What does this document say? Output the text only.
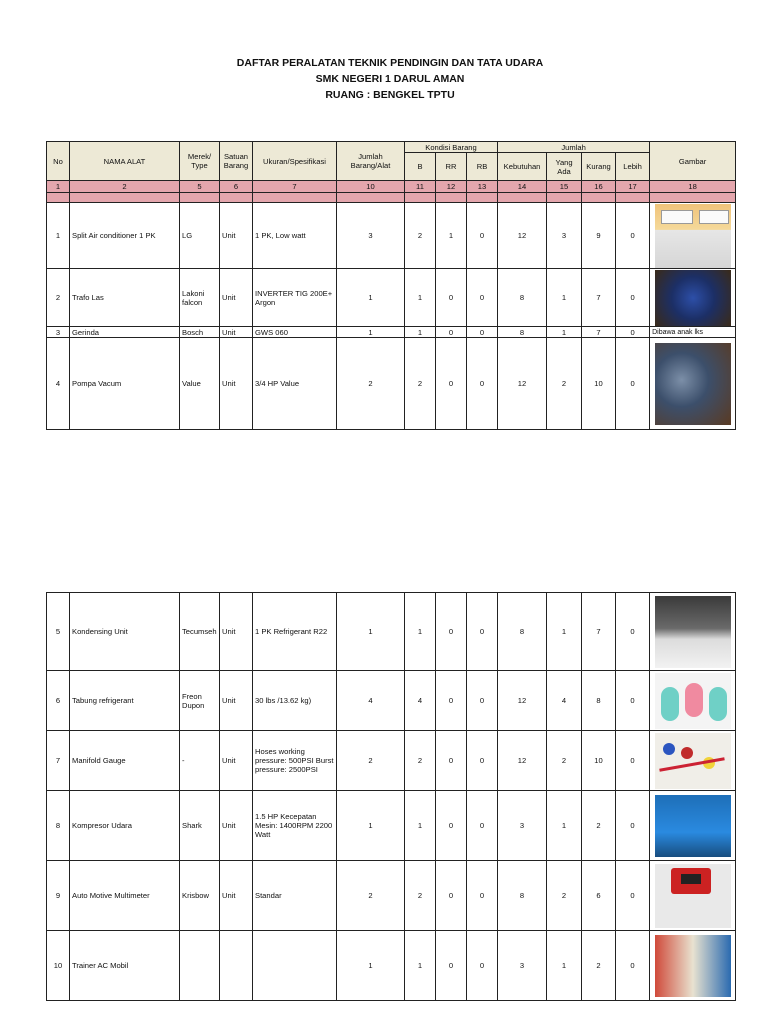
DAFTAR PERALATAN TEKNIK PENDINGIN DAN TATA UDARA
SMK NEGERI 1 DARUL AMAN
RUANG : BENGKEL TPTU
No	NAMA ALAT	Merek/ Type	Satuan Barang	Ukuran/Spesifikasi	Jumlah Barang/Alat	Kondisi Barang			Jumlah				Gambar
						B	RR	RB	Kebutuhan	Yang Ada	Kurang	Lebih	
1	2	5	6	7	10	11	12	13	14	15	16	17	18

1	Split Air conditioner 1 PK	LG	Unit	1 PK, Low watt	3	2	1	0	12	3	9	0	

2	Trafo Las	Lakoni falcon	Unit	INVERTER TIG 200E+ Argon	1	1	0	0	8	1	7	0	

3	Gerinda	Bosch	Unit	GWS 060	1	1	0	0	8	1	7	0	Dibawa anak lks
4	Pompa Vacum	Value	Unit	3/4 HP Value	2	2	0	0	12	2	10	0	
5	Kondensing Unit	Tecumseh	Unit	1 PK Refrigerant R22	1	1	0	0	8	1	7	0	

6	Tabung refrigerant	Freon Dupon	Unit	30 lbs /13.62 kg)	4	4	0	0	12	4	8	0	

7	Manifold Gauge	-	Unit	Hoses working pressure: 500PSI Burst pressure: 2500PSI	2	2	0	0	12	2	10	0	

8	Kompresor Udara	Shark	Unit	1.5 HP Kecepatan Mesin: 1400RPM 2200 Watt	1	1	0	0	3	1	2	0	

9	Auto Motive Multimeter	Krisbow	Unit	Standar	2	2	0	0	8	2	6	0	

10	Trainer AC Mobil				1	1	0	0	3	1	2	0	
